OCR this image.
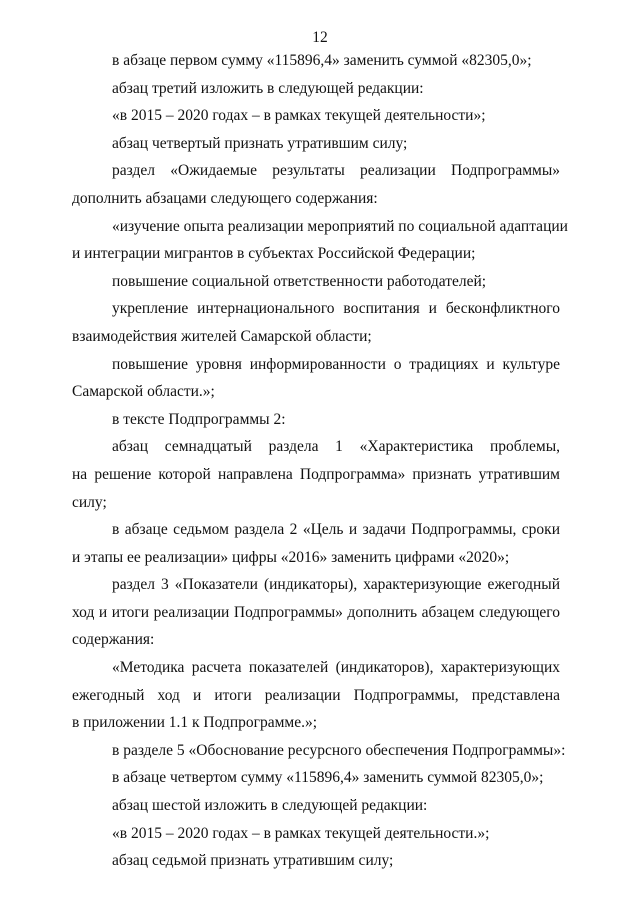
12
в абзаце первом сумму «115896,4» заменить суммой «82305,0»;
абзац третий изложить в следующей редакции:
«в 2015 – 2020 годах – в рамках текущей деятельности»;
абзац четвертый признать утратившим силу;
раздел «Ожидаемые результаты реализации Подпрограммы»
дополнить абзацами следующего содержания:
«изучение опыта реализации мероприятий по социальной адаптации
и интеграции мигрантов в субъектах Российской Федерации;
повышение социальной ответственности работодателей;
укрепление интернационального воспитания и бесконфликтного
взаимодействия жителей Самарской области;
повышение уровня информированности о традициях и культуре
Самарской области.»;
в тексте Подпрограммы 2:
абзац семнадцатый раздела 1 «Характеристика проблемы,
на решение которой направлена Подпрограмма» признать утратившим
силу;
в абзаце седьмом раздела 2 «Цель и задачи Подпрограммы, сроки
и этапы ее реализации» цифры «2016» заменить цифрами «2020»;
раздел 3 «Показатели (индикаторы), характеризующие ежегодный
ход и итоги реализации Подпрограммы» дополнить абзацем следующего
содержания:
«Методика расчета показателей (индикаторов), характеризующих
ежегодный ход и итоги реализации Подпрограммы, представлена
в приложении 1.1 к Подпрограмме.»;
в разделе 5 «Обоснование ресурсного обеспечения Подпрограммы»:
в абзаце четвертом сумму «115896,4» заменить суммой 82305,0»;
абзац шестой изложить в следующей редакции:
«в 2015 – 2020 годах – в рамках текущей деятельности.»;
абзац седьмой признать утратившим силу;
